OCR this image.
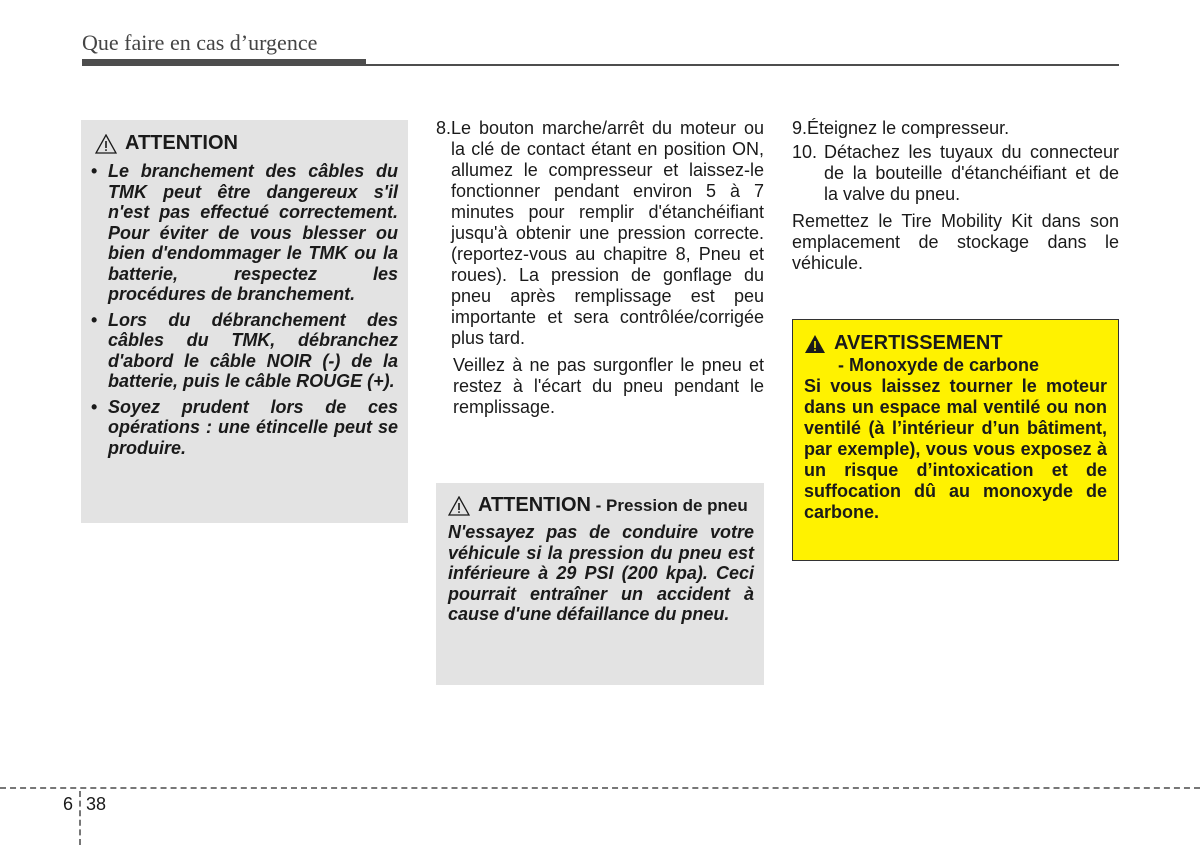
Que faire en cas d’urgence
ATTENTION
• Le branchement des câbles du TMK peut être dangereux s'il n'est pas effectué correctement. Pour éviter de vous blesser ou bien d'endommager le TMK ou la batterie, respectez les procédures de branchement.
• Lors du débranchement des câbles du TMK, débranchez d'abord le câble NOIR (-) de la batterie, puis le câble ROUGE (+).
• Soyez prudent lors de ces opérations : une étincelle peut se produire.
8. Le bouton marche/arrêt du moteur ou la clé de contact étant en position ON, allumez le compresseur et laissez-le fonctionner pendant environ 5 à 7 minutes pour remplir d'étanchéifiant jusqu'à obtenir une pression correcte. (reportez-vous au chapitre 8, Pneu et roues). La pression de gonflage du pneu après remplissage est peu importante et sera contrôlée/corrigée plus tard.

Veillez à ne pas surgonfler le pneu et restez à l'écart du pneu pendant le remplissage.

ATTENTION - Pression de pneu

N'essayez pas de conduire votre véhicule si la pression du pneu est inférieure à 29 PSI (200 kpa). Ceci pourrait entraîner un accident à cause d'une défaillance du pneu.

9. Éteignez le compresseur.
10. Détachez les tuyaux du connecteur de la bouteille d'étanchéifiant et de la valve du pneu.

Remettez le Tire Mobility Kit dans son emplacement de stockage dans le véhicule.

AVERTISSEMENT
- Monoxyde de carbone

Si vous laissez tourner le moteur dans un espace mal ventilé ou non ventilé (à l’intérieur d’un bâtiment, par exemple), vous vous exposez à un risque d’intoxication et de suffocation dû au monoxyde de carbone.

6 38
